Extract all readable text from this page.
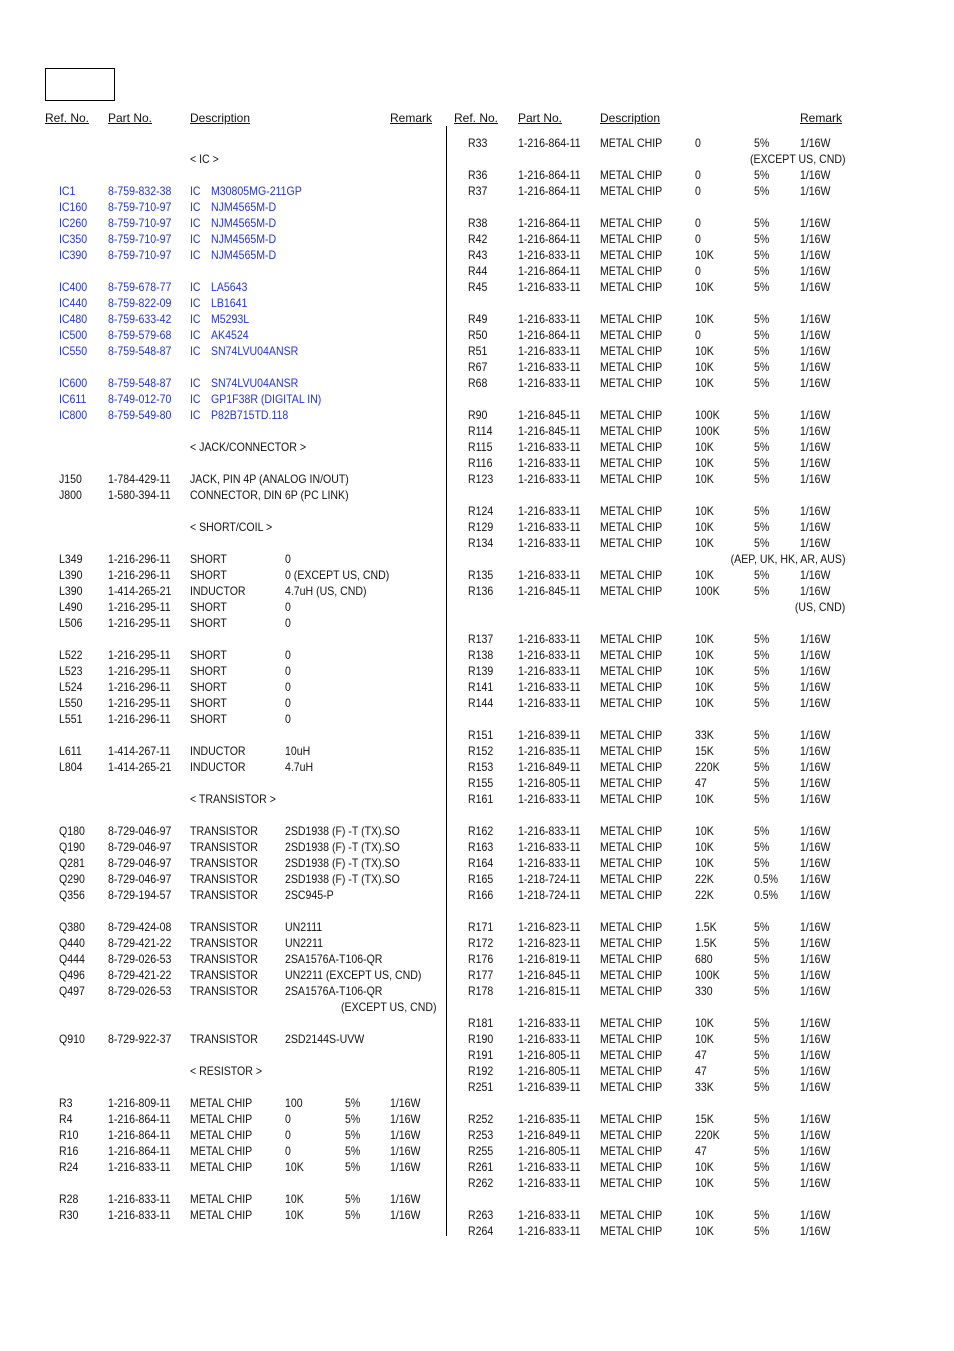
Ref. No. Part No.	Description	Remark
< IC >
IC1	8-759-832-38 IC M30805MG-211GP
IC160 8-759-710-97 IC NJM4565M-D
IC260 8-759-710-97 IC NJM4565M-D
IC350 8-759-710-97 IC NJM4565M-D
IC390 8-759-710-97 IC NJM4565M-D
IC400 8-759-678-77 IC LA5643
IC440 8-759-822-09 IC LB1641
IC480 8-759-633-42 IC M5293L
IC500 8-759-579-68 IC AK4524
IC550 8-759-548-87 IC SN74LVU04ANSR
IC600 8-759-548-87 IC SN74LVU04ANSR
IC611 8-749-012-70 IC GP1F38R (DIGITAL IN)
IC800 8-759-549-80 IC P82B715TD.118
< JACK/CONNECTOR >
J150 1-784-429-11 JACK, PIN 4P (ANALOG IN/OUT)
J800 1-580-394-11 CONNECTOR, DIN 6P (PC LINK)
< SHORT/COIL >
L349 1-216-296-11 SHORT	0
L390 1-216-296-11 SHORT	0 (EXCEPT US, CND)
L390 1-414-265-21 INDUCTOR	4.7uH (US, CND)
L490 1-216-295-11 SHORT	0
L506 1-216-295-11 SHORT	0
L522 1-216-295-11 SHORT	0
L523 1-216-295-11 SHORT	0
L524 1-216-296-11 SHORT	0
L550 1-216-295-11 SHORT	0
L551 1-216-296-11 SHORT	0
L611 1-414-267-11 INDUCTOR	10uH
L804 1-414-265-21 INDUCTOR	4.7uH
< TRANSISTOR >
Q180 8-729-046-97 TRANSISTOR 2SD1938 (F) -T (TX).SO
Q190 8-729-046-97 TRANSISTOR 2SD1938 (F) -T (TX).SO
Q281 8-729-046-97 TRANSISTOR 2SD1938 (F) -T (TX).SO
Q290 8-729-046-97 TRANSISTOR 2SD1938 (F) -T (TX).SO
Q356 8-729-194-57 TRANSISTOR 2SC945-P
Q380 8-729-424-08 TRANSISTOR UN2111
Q440 8-729-421-22 TRANSISTOR UN2211
Q444 8-729-026-53 TRANSISTOR 2SA1576A-T106-QR
Q496 8-729-421-22 TRANSISTOR UN2211 (EXCEPT US, CND)
Q497 8-729-026-53 TRANSISTOR 2SA1576A-T106-QR
(EXCEPT US, CND)
Q910 8-729-922-37 TRANSISTOR 2SD2144S-UVW
< RESISTOR >
R3	1-216-809-11 METAL CHIP	100	5% 1/16W
R4	1-216-864-11 METAL CHIP	0	5% 1/16W
R10 1-216-864-11 METAL CHIP	0	5% 1/16W
R16 1-216-864-11 METAL CHIP	0	5% 1/16W
R24 1-216-833-11 METAL CHIP	10K	5% 1/16W
R28 1-216-833-11 METAL CHIP	10K	5% 1/16W
R30 1-216-833-11 METAL CHIP	10K	5% 1/16W
Ref. No. Part No.	Description	Remark
R33	1-216-864-11 METAL CHIP	0	5%	1/16W
(EXCEPT US, CND)
R36	1-216-864-11 METAL CHIP	0	5%	1/16W
R37	1-216-864-11 METAL CHIP	0	5%	1/16W
R38	1-216-864-11 METAL CHIP	0	5%	1/16W
R42	1-216-864-11 METAL CHIP	0	5%	1/16W
R43	1-216-833-11 METAL CHIP	10K	5%	1/16W
R44	1-216-864-11 METAL CHIP	0	5%	1/16W
R45	1-216-833-11 METAL CHIP	10K	5%	1/16W
R49	1-216-833-11 METAL CHIP	10K	5%	1/16W
R50	1-216-864-11 METAL CHIP	0	5%	1/16W
R51	1-216-833-11 METAL CHIP	10K	5%	1/16W
R67	1-216-833-11 METAL CHIP	10K	5%	1/16W
R68	1-216-833-11 METAL CHIP	10K	5%	1/16W
R90	1-216-845-11 METAL CHIP	100K	5%	1/16W
R114 1-216-845-11 METAL CHIP	100K	5%	1/16W
R115 1-216-833-11 METAL CHIP	10K	5%	1/16W
R116 1-216-833-11 METAL CHIP	10K	5%	1/16W
R123 1-216-833-11 METAL CHIP	10K	5%	1/16W
R124 1-216-833-11 METAL CHIP	10K	5%	1/16W
R129 1-216-833-11 METAL CHIP	10K	5%	1/16W
R134 1-216-833-11 METAL CHIP	10K	5%	1/16W
(AEP, UK, HK, AR, AUS)
R135 1-216-833-11 METAL CHIP	10K	5%	1/16W
R136 1-216-845-11 METAL CHIP	100K	5%	1/16W
(US, CND)
R137 1-216-833-11 METAL CHIP	10K	5%	1/16W
R138 1-216-833-11 METAL CHIP	10K	5%	1/16W
R139 1-216-833-11 METAL CHIP	10K	5%	1/16W
R141 1-216-833-11 METAL CHIP	10K	5%	1/16W
R144 1-216-833-11 METAL CHIP	10K	5%	1/16W
R151 1-216-839-11 METAL CHIP	33K	5%	1/16W
R152 1-216-835-11 METAL CHIP	15K	5%	1/16W
R153 1-216-849-11 METAL CHIP	220K	5%	1/16W
R155 1-216-805-11 METAL CHIP	47	5%	1/16W
R161 1-216-833-11 METAL CHIP	10K	5%	1/16W
R162 1-216-833-11 METAL CHIP	10K	5%	1/16W
R163 1-216-833-11 METAL CHIP	10K	5%	1/16W
R164 1-216-833-11 METAL CHIP	10K	5%	1/16W
R165 1-218-724-11 METAL CHIP	22K	0.5% 1/16W
R166 1-218-724-11 METAL CHIP	22K	0.5% 1/16W
R171 1-216-823-11 METAL CHIP	1.5K	5%	1/16W
R172 1-216-823-11 METAL CHIP	1.5K	5%	1/16W
R176 1-216-819-11 METAL CHIP	680	5%	1/16W
R177 1-216-845-11 METAL CHIP	100K	5%	1/16W
R178 1-216-815-11 METAL CHIP	330	5%	1/16W
R181 1-216-833-11 METAL CHIP	10K	5%	1/16W
R190 1-216-833-11 METAL CHIP	10K	5%	1/16W
R191 1-216-805-11 METAL CHIP	47	5%	1/16W
R192 1-216-805-11 METAL CHIP	47	5%	1/16W
R251 1-216-839-11 METAL CHIP	33K	5%	1/16W
R252 1-216-835-11 METAL CHIP	15K	5%	1/16W
R253 1-216-849-11 METAL CHIP	220K	5%	1/16W
R255 1-216-805-11 METAL CHIP	47	5%	1/16W
R261 1-216-833-11 METAL CHIP	10K	5%	1/16W
R262 1-216-833-11 METAL CHIP	10K	5%	1/16W
R263 1-216-833-11 METAL CHIP	10K	5%	1/16W
R264 1-216-833-11 METAL CHIP	10K	5%	1/16W
